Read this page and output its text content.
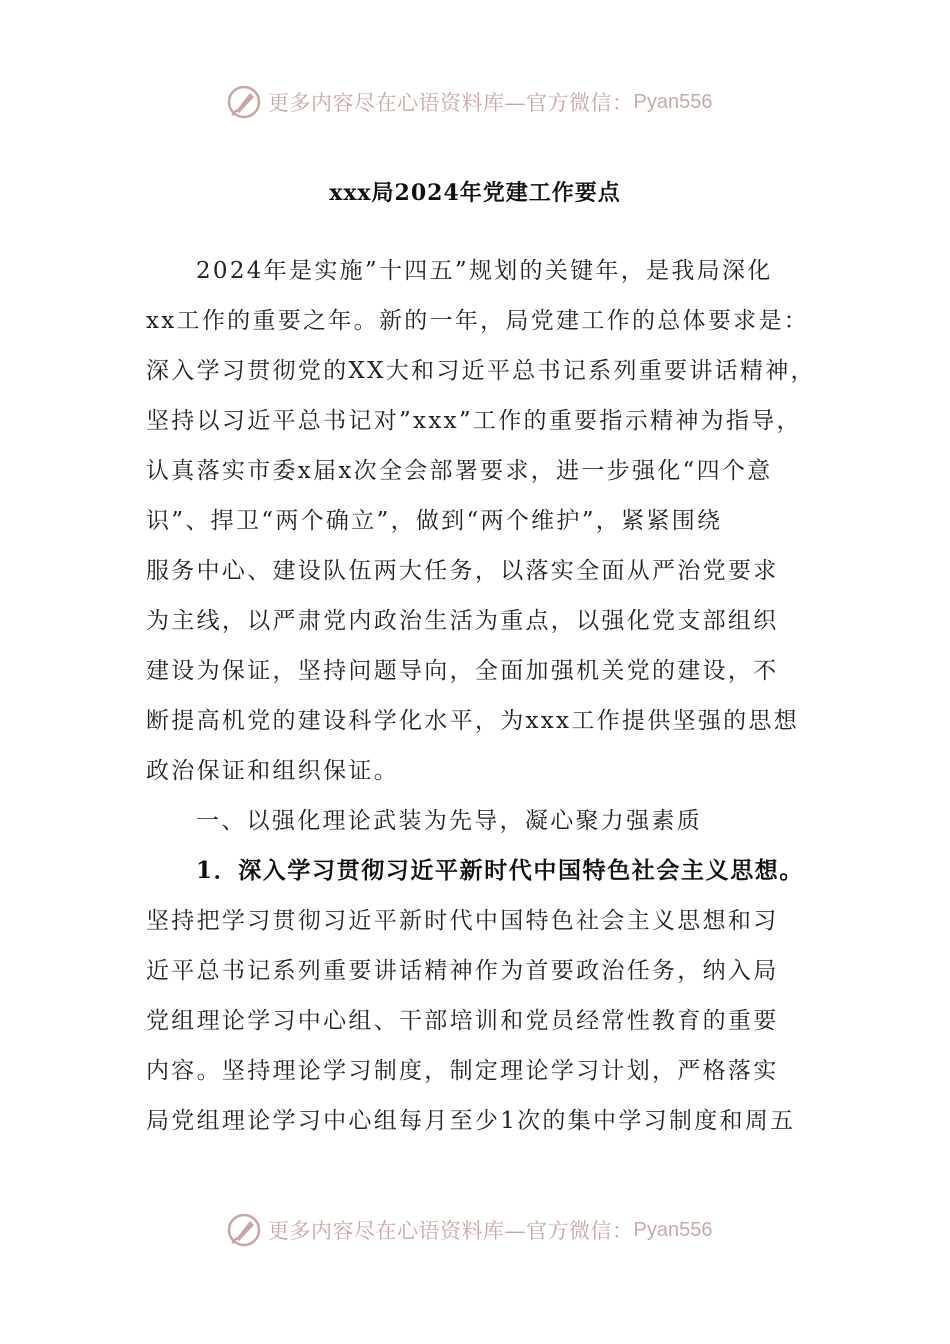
更多内容尽在心语资料库— 官方微信： Pyan556
xxx局2024年党建工作要点
2024年是实施”十四五”规划的关键年，是我局深化
xx工作的重要之年。新的一年，局党建工作的总体要求是：
深入学习贯彻党的XX大和习近平总书记系列重要讲话精神，
坚持以习近平总书记对”xxx”工作的重要指示精神为指导，
认真落实市委x届x次全会部署要求，进一步强化“四个意
识”、捍卫“两个确立”，做到“两个维护”，紧紧围绕
服务中心、建设队伍两大任务，以落实全面从严治党要求
为主线，以严肃党内政治生活为重点，以强化党支部组织
建设为保证，坚持问题导向，全面加强机关党的建设，不
断提高机党的建设科学化水平，为xxx工作提供坚强的思想
政治保证和组织保证。
一、以强化理论武装为先导，凝心聚力强素质
1．深入学习贯彻习近平新时代中国特色社会主义思想。
坚持把学习贯彻习近平新时代中国特色社会主义思想和习
近平总书记系列重要讲话精神作为首要政治任务，纳入局
党组理论学习中心组、干部培训和党员经常性教育的重要
内容。坚持理论学习制度，制定理论学习计划，严格落实
局党组理论学习中心组每月至少1次的集中学习制度和周五
更多内容尽在心语资料库— 官方微信： Pyan556
